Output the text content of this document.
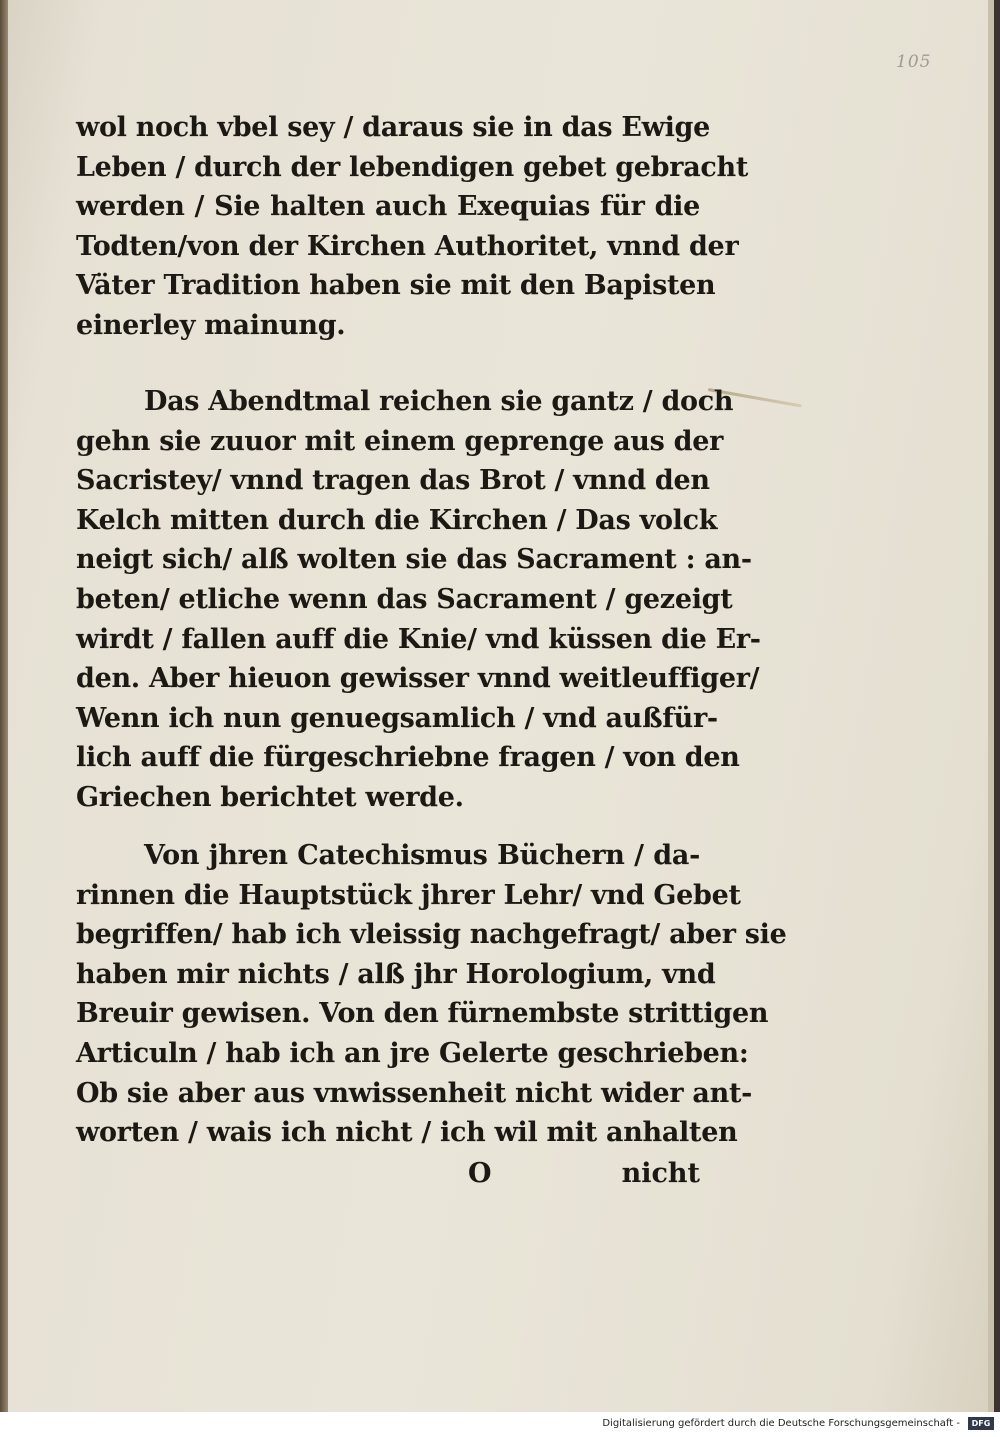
105
wol noch vbel sey / daraus sie in das Ewige
Leben / durch der lebendigen gebet gebracht
werden / Sie halten auch Exequias für die
Todten/von der Kirchen Authoritet, vnnd der
Väter Tradition haben sie mit den Bapisten
einerley mainung.
Das Abendtmal reichen sie gantz / doch
gehn sie zuuor mit einem geprenge aus der
Sacristey/ vnnd tragen das Brot / vnnd den
Kelch mitten durch die Kirchen / Das volck
neigt sich/ alß wolten sie das Sacrament : an-
beten/ etliche wenn das Sacrament / gezeigt
wirdt / fallen auff die Knie/ vnd küssen die Er-
den. Aber hieuon gewisser vnnd weitleuffiger/
Wenn ich nun genuegsamlich / vnd außfür-
lich auff die fürgeschriebne fragen / von den
Griechen berichtet werde.
Von jhren Catechismus Büchern / da-
rinnen die Hauptstück jhrer Lehr/ vnd Gebet
begriffen/ hab ich vleissig nachgefragt/ aber sie
haben mir nichts / alß jhr Horologium, vnd
Breuir gewisen. Von den fürnembste strittigen
Articuln / hab ich an jre Gelerte geschrieben:
Ob sie aber aus vnwissenheit nicht wider ant-
worten / wais ich nicht / ich wil mit anhalten
O	nicht
Digitalisierung gefördert durch die Deutsche Forschungsgemeinschaft -	DFG
